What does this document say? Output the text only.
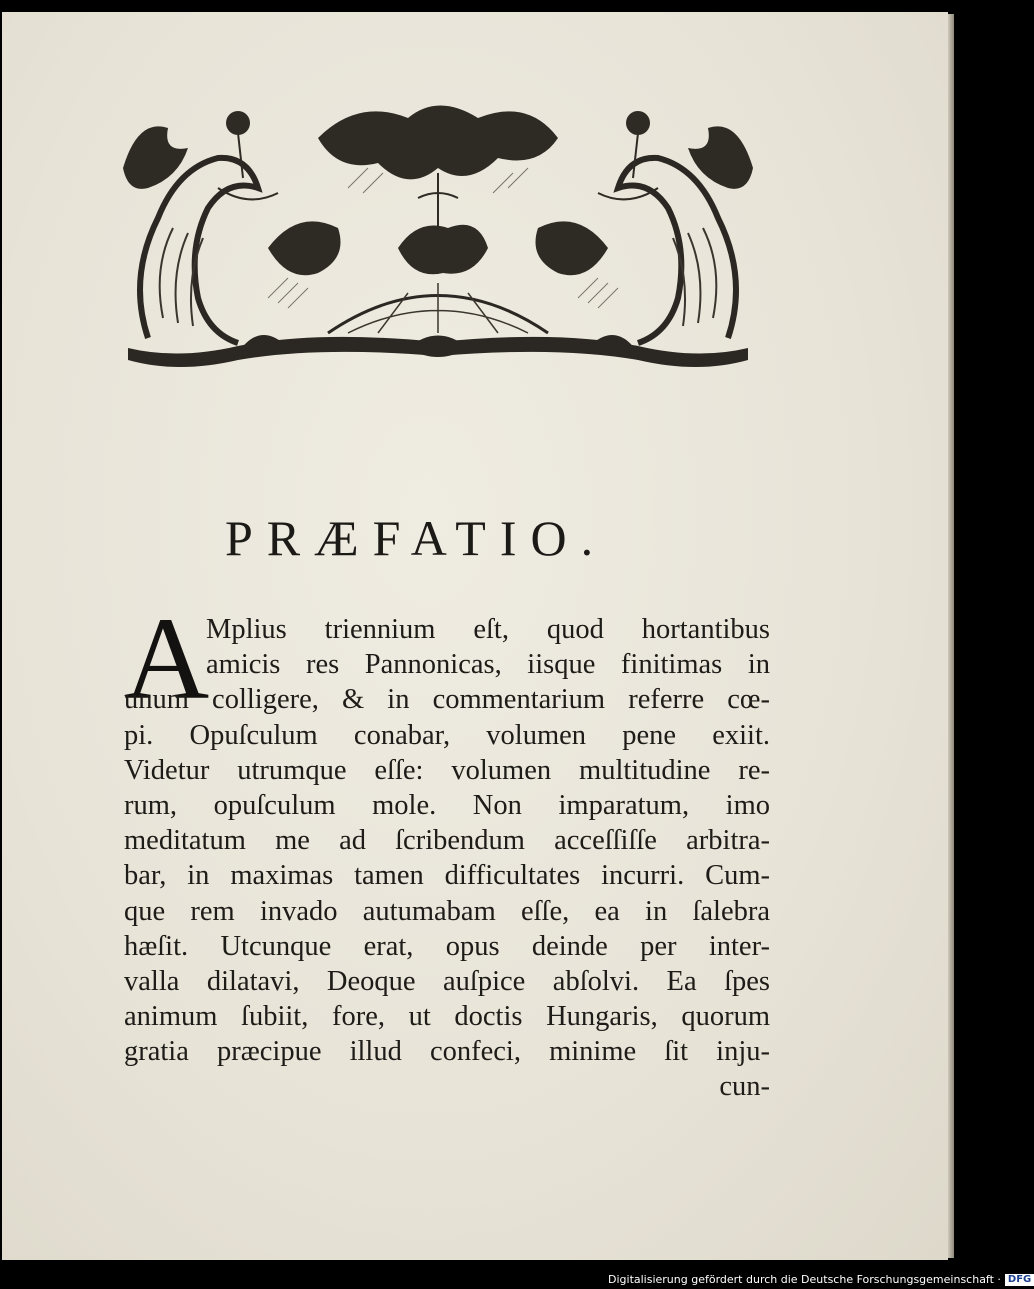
PRÆFATIO.
A
Mplius triennium eſt, quod hortantibus
amicis res Pannonicas, iisque finitimas in
unum colligere, & in commentarium referre cœ-
pi. Opuſculum conabar, volumen pene exiit.
Videtur utrumque eſſe: volumen multitudine re-
rum, opuſculum mole. Non imparatum, imo
meditatum me ad ſcribendum acceſſiſſe arbitra-
bar, in maximas tamen difficultates incurri. Cum-
que rem invado autumabam eſſe, ea in ſalebra
hæſit. Utcunque erat, opus deinde per inter-
valla dilatavi, Deoque auſpice abſolvi. Ea ſpes
animum ſubiit, fore, ut doctis Hungaris, quorum
gratia præcipue illud confeci, minime ſit inju-
cun-
Digitalisierung gefördert durch die Deutsche Forschungsgemeinschaft · DFG
